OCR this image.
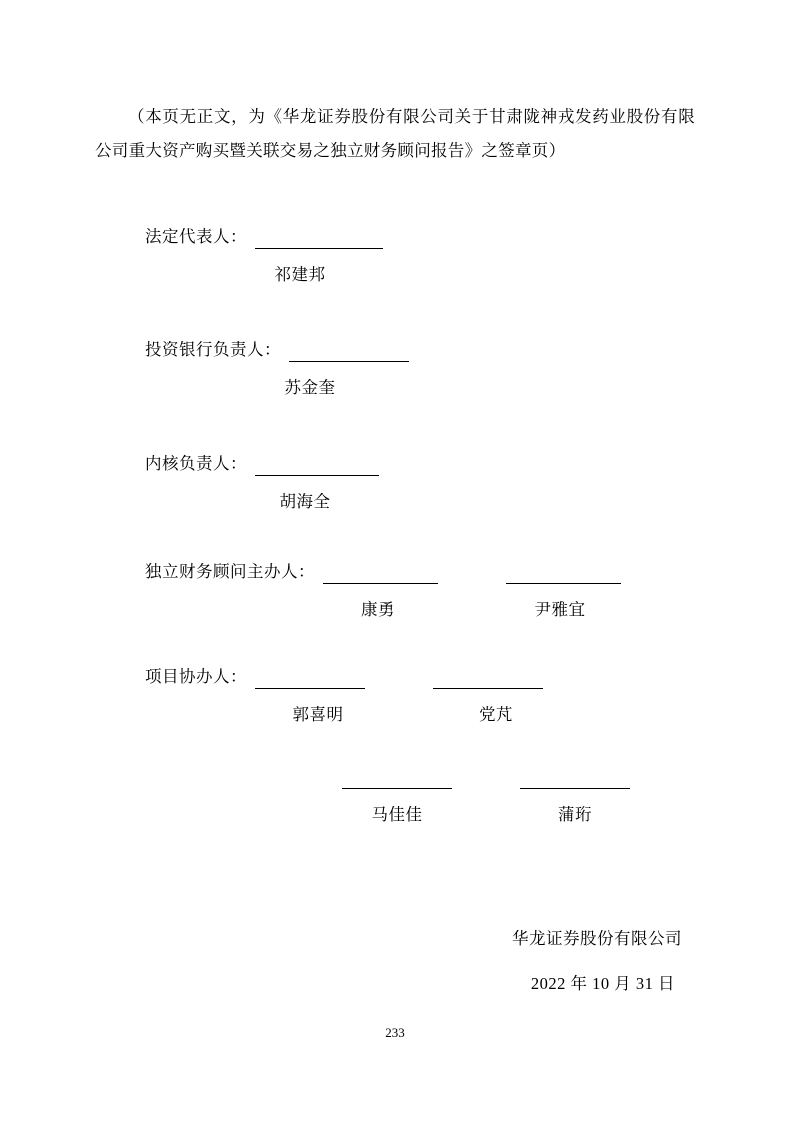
（本页无正文，为《华龙证券股份有限公司关于甘肃陇神戎发药业股份有限公司重大资产购买暨关联交易之独立财务顾问报告》之签章页）
法定代表人：
祁建邦
投资银行负责人：
苏金奎
内核负责人：
胡海全
独立财务顾问主办人：
康勇	尹雅宜
项目协办人：
郭喜明	党芃
马佳佳	蒲珩
华龙证券股份有限公司
2022 年 10 月 31 日
233
